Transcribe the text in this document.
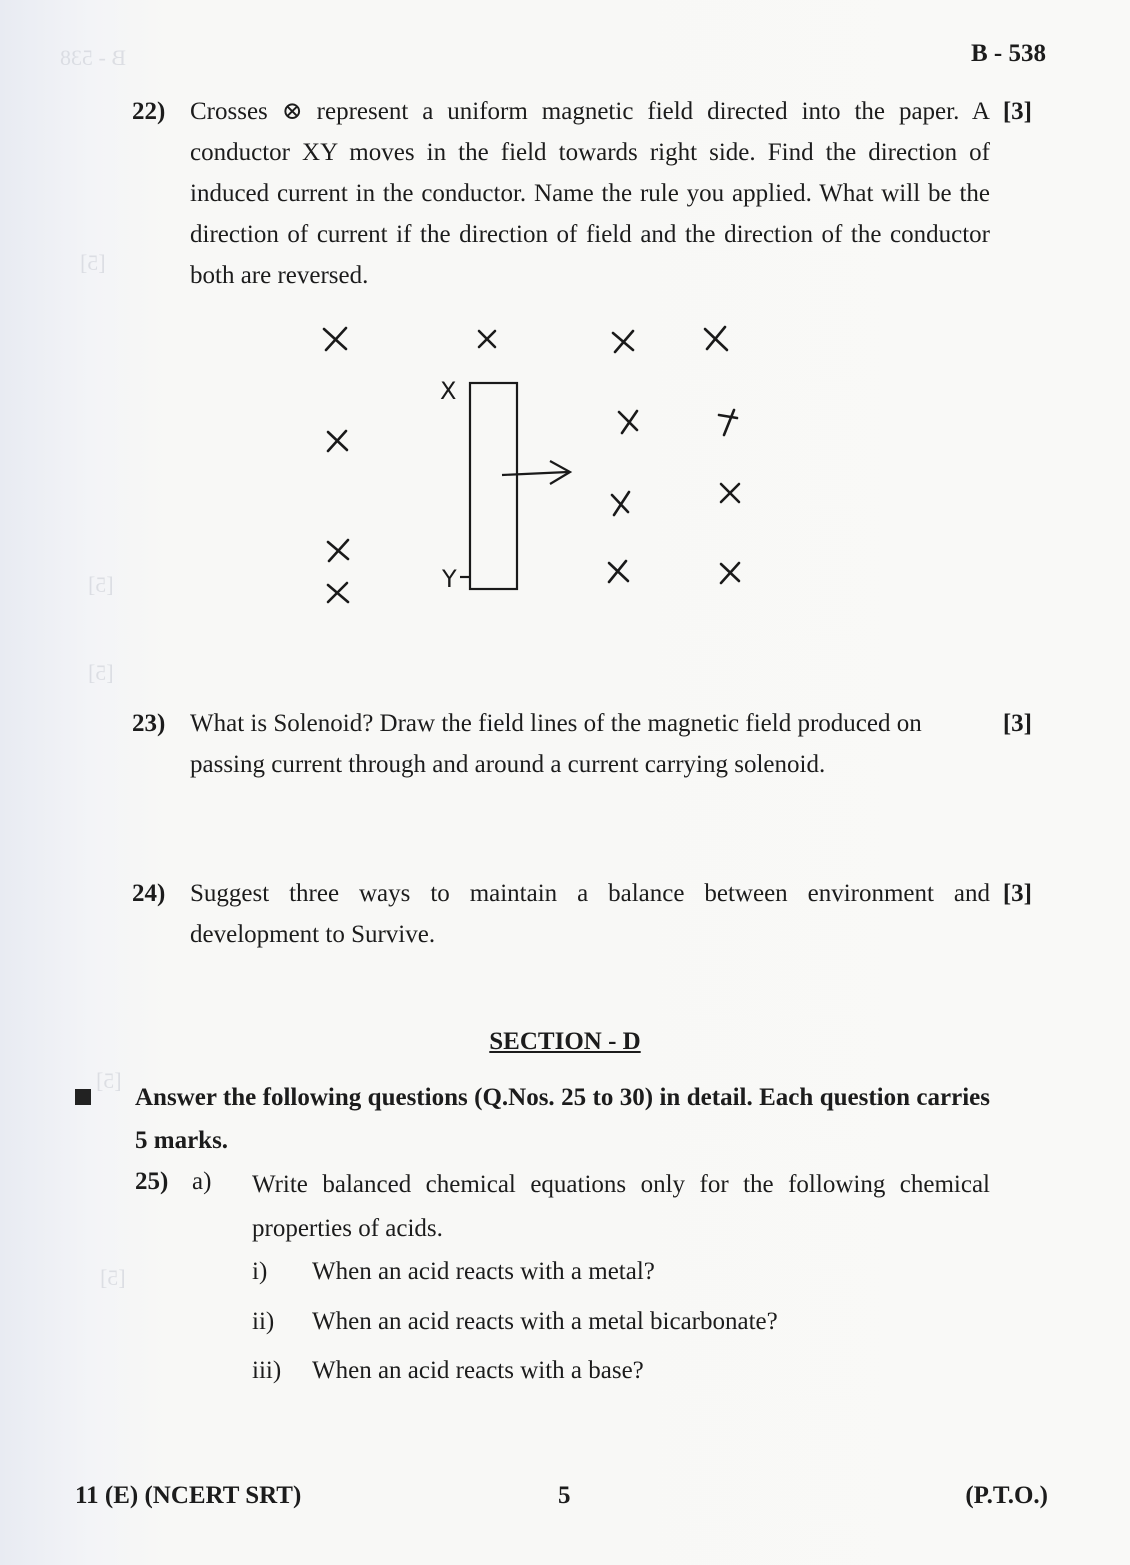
B - 538
[5]
[5]
[5]
[5]
[5]
B - 538
22) Crosses ⊗ represent a uniform magnetic field directed into the paper. A conductor XY moves in the field towards right side. Find the direction of induced current in the conductor. Name the rule you applied. What will be the direction of current if the direction of field and the direction of the conductor both are reversed.
[3]
X
Y
23) What is Solenoid? Draw the field lines of the magnetic field produced on passing current through and around a current carrying solenoid.
[3]
24) Suggest three ways to maintain a balance between environment and development to Survive.
[3]
SECTION - D
Answer the following questions (Q.Nos. 25 to 30) in detail. Each question carries 5 marks.
25) a) Write balanced chemical equations only for the following chemical properties of acids.
i) When an acid reacts with a metal?
ii) When an acid reacts with a metal bicarbonate?
iii) When an acid reacts with a base?
11 (E) (NCERT SRT)	5	(P.T.O.)
